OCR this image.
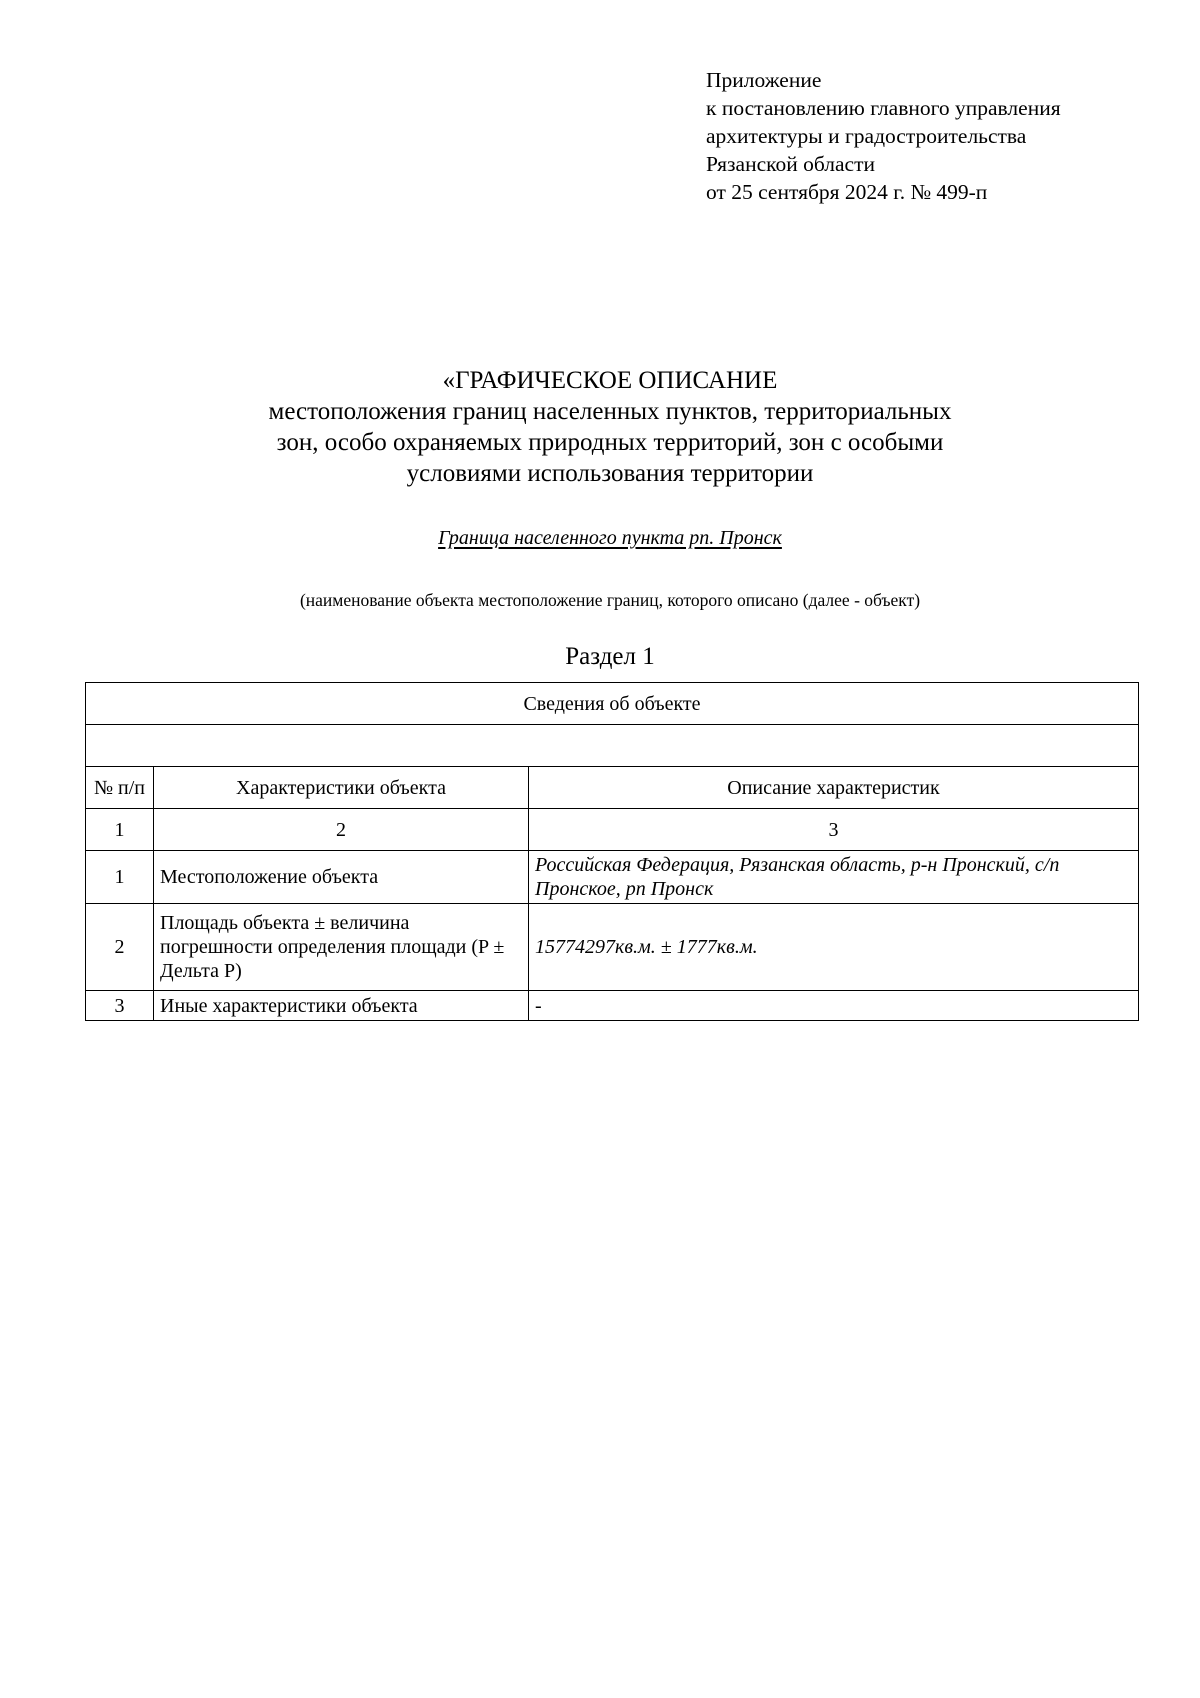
Приложение
к постановлению главного управления
архитектуры и градостроительства
Рязанской области
от 25 сентября 2024 г. № 499-п
«ГРАФИЧЕСКОЕ ОПИСАНИЕ
местоположения границ населенных пунктов, территориальных
зон, особо охраняемых природных территорий, зон с особыми
условиями использования территории
Граница населенного пункта рп. Пронск
(наименование объекта местоположение границ, которого описано (далее - объект)
Раздел 1
Сведения об объекте		

№ п/п	Характеристики объекта	Описание характеристик
1	2	3
1	Местоположение объекта	Российская Федерация, Рязанская область, р-н Пронский, с/п Пронское, рп Пронск
2	Площадь объекта ± величина погрешности определения площади (P ± Дельта P)	15774297кв.м. ± 1777кв.м.
3	Иные характеристики объекта	-
